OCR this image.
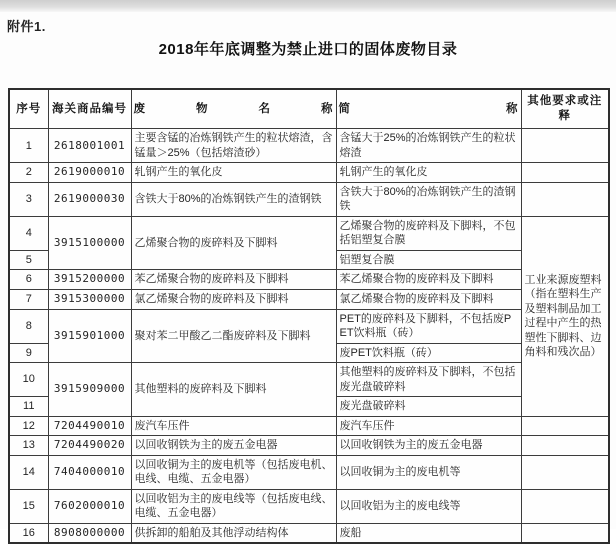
附件1.
2018年年底调整为禁止进口的固体废物目录
序号	海关商品编号	废物名称	简称	其他要求或注释
1	2618001001	主要含锰的冶炼钢铁产生的粒状熔渣，含锰量＞25%（包括熔渣砂）	含锰大于25%的冶炼钢铁产生的粒状熔渣	
2	2619000010	轧钢产生的氧化皮	轧钢产生的氧化皮	
3	2619000030	含铁大于80%的冶炼钢铁产生的渣钢铁	含铁大于80%的冶炼钢铁产生的渣钢铁	
4	3915100000	乙烯聚合物的废碎料及下脚料	乙烯聚合物的废碎料及下脚料，不包括铝塑复合膜	工业来源废塑料（指在塑料生产及塑料制品加工过程中产生的热塑性下脚料、边角料和残次品）
5			铝塑复合膜	
6	3915200000	苯乙烯聚合物的废碎料及下脚料	苯乙烯聚合物的废碎料及下脚料	
7	3915300000	氯乙烯聚合物的废碎料及下脚料	氯乙烯聚合物的废碎料及下脚料	
8	3915901000	聚对苯二甲酸乙二酯废碎料及下脚料	PET的废碎料及下脚料，不包括废PET饮料瓶（砖）	
9			废PET饮料瓶（砖）	
10	3915909000	其他塑料的废碎料及下脚料	其他塑料的废碎料及下脚料，不包括废光盘破碎料	
11			废光盘破碎料	
12	7204490010	废汽车压件	废汽车压件	
13	7204490020	以回收钢铁为主的废五金电器	以回收钢铁为主的废五金电器	
14	7404000010	以回收铜为主的废电机等（包括废电机、电线、电缆、五金电器）	以回收铜为主的废电机等	
15	7602000010	以回收铝为主的废电线等（包括废电线、电缆、五金电器）	以回收铝为主的废电线等	
16	8908000000	供拆卸的船舶及其他浮动结构体	废船	
